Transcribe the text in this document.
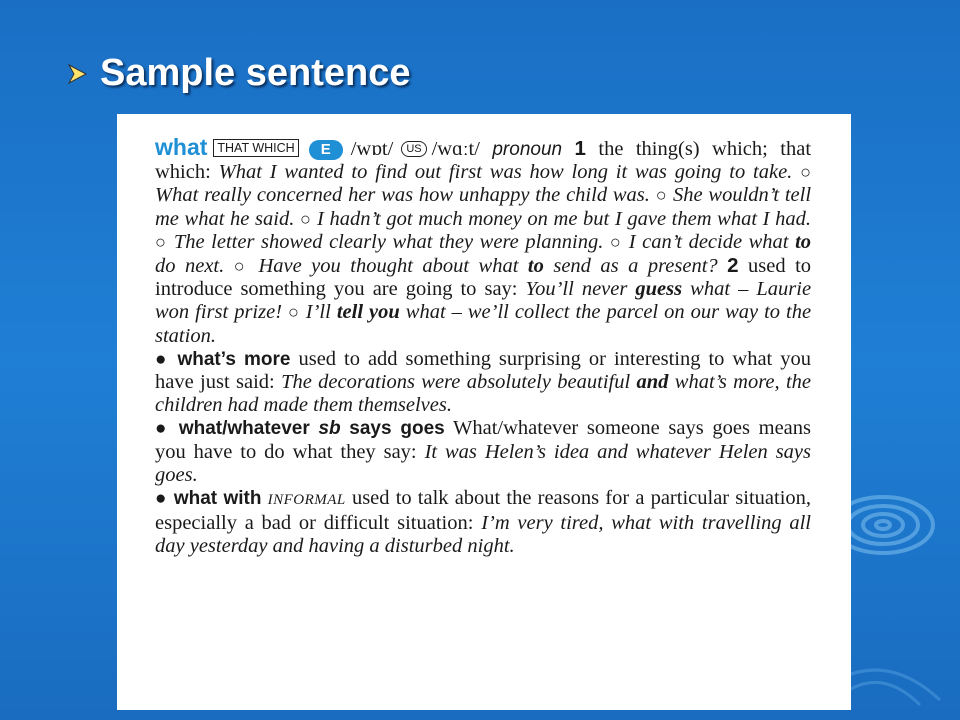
Sample sentence

what THAT WHICH E /wɒt/ US /wɑːt/ pronoun 1 the thing(s) which; that which: What I wanted to find out first was how long it was going to take. ○ What really concerned her was how unhappy the child was. ○ She wouldn’t tell me what he said. ○ I hadn’t got much money on me but I gave them what I had. ○ The letter showed clearly what they were planning. ○ I can’t decide what to do next. ○ Have you thought about what to send as a present? 2 used to introduce something you are going to say: You’ll never guess what – Laurie won first prize! ○ I’ll tell you what – we’ll collect the parcel on our way to the station.

● what’s more used to add something surprising or interesting to what you have just said: The decorations were absolutely beautiful and what’s more, the children had made them themselves.

● what/whatever sb says goes What/whatever someone says goes means you have to do what they say: It was Helen’s idea and whatever Helen says goes.

● what with INFORMAL used to talk about the reasons for a particular situation, especially a bad or difficult situation: I’m very tired, what with travelling all day yesterday and having a disturbed night.
